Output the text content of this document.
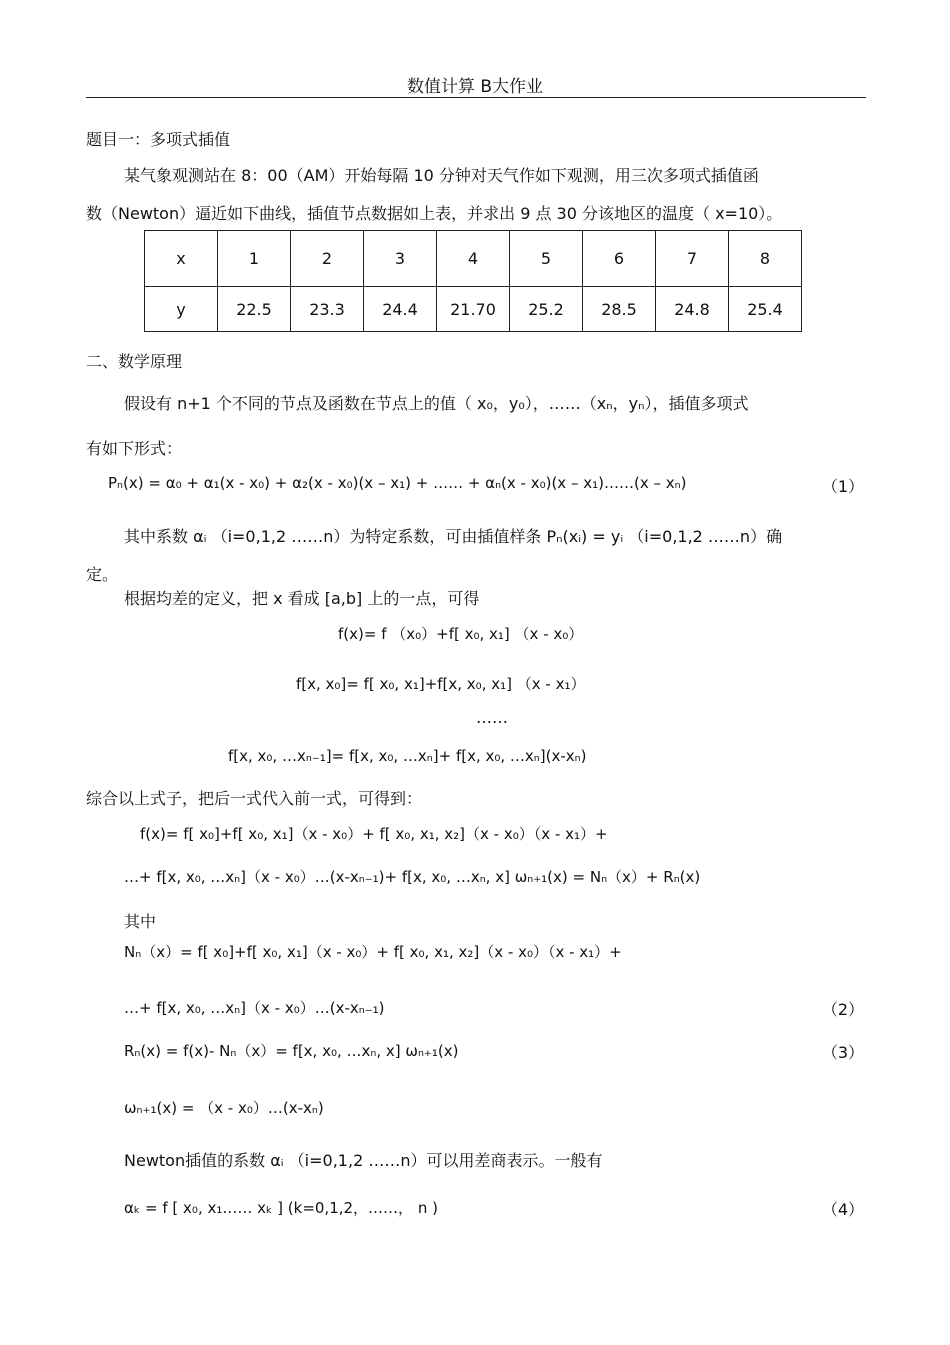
数值计算 B大作业
题目一：多项式插值
某气象观测站在 8：00（AM）开始每隔 10 分钟对天气作如下观测，用三次多项式插值函
数（Newton）逼近如下曲线，插值节点数据如上表，并求出 9 点 30 分该地区的温度（ x=10）。
x	1	2	3	4	5	6	7	8
y	22.5	23.3	24.4	21.70	25.2	28.5	24.8	25.4
二、数学原理
假设有 n+1 个不同的节点及函数在节点上的值（ x₀，y₀），……（xₙ，yₙ），插值多项式
有如下形式：
Pₙ(x) = α₀ + α₁(x - x₀) + α₂(x - x₀)(x – x₁) + …… + αₙ(x - x₀)(x – x₁)……(x – xₙ)	（1）
其中系数 αᵢ （i=0,1,2 ……n）为特定系数，可由插值样条 Pₙ(xᵢ) = yᵢ （i=0,1,2 ……n）确
定。
根据均差的定义，把 x 看成 [a,b] 上的一点，可得
f(x)= f （x₀）+f[ x₀, x₁] （x - x₀）
f[x, x₀]= f[ x₀, x₁]+f[x, x₀, x₁] （x - x₁）
……
f[x, x₀, …xₙ₋₁]= f[x, x₀, …xₙ]+ f[x, x₀, …xₙ](x-xₙ)
综合以上式子，把后一式代入前一式，可得到：
f(x)= f[ x₀]+f[ x₀, x₁]（x - x₀）+ f[ x₀, x₁, x₂]（x - x₀）（x - x₁）+
…+ f[x, x₀, …xₙ]（x - x₀）…(x-xₙ₋₁)+ f[x, x₀, …xₙ, x] ωₙ₊₁(x) = Nₙ（x）+ Rₙ(x)
其中
Nₙ（x）= f[ x₀]+f[ x₀, x₁]（x - x₀）+ f[ x₀, x₁, x₂]（x - x₀）（x - x₁）+
…+ f[x, x₀, …xₙ]（x - x₀）…(x-xₙ₋₁)	（2）
Rₙ(x) = f(x)- Nₙ（x）= f[x, x₀, …xₙ, x] ωₙ₊₁(x)	（3）
ωₙ₊₁(x) = （x - x₀）…(x-xₙ)
Newton插值的系数 αᵢ （i=0,1,2 ……n）可以用差商表示。一般有
αₖ = f [ x₀, x₁…… xₖ ] (k=0,1,2，……， n )	（4）
